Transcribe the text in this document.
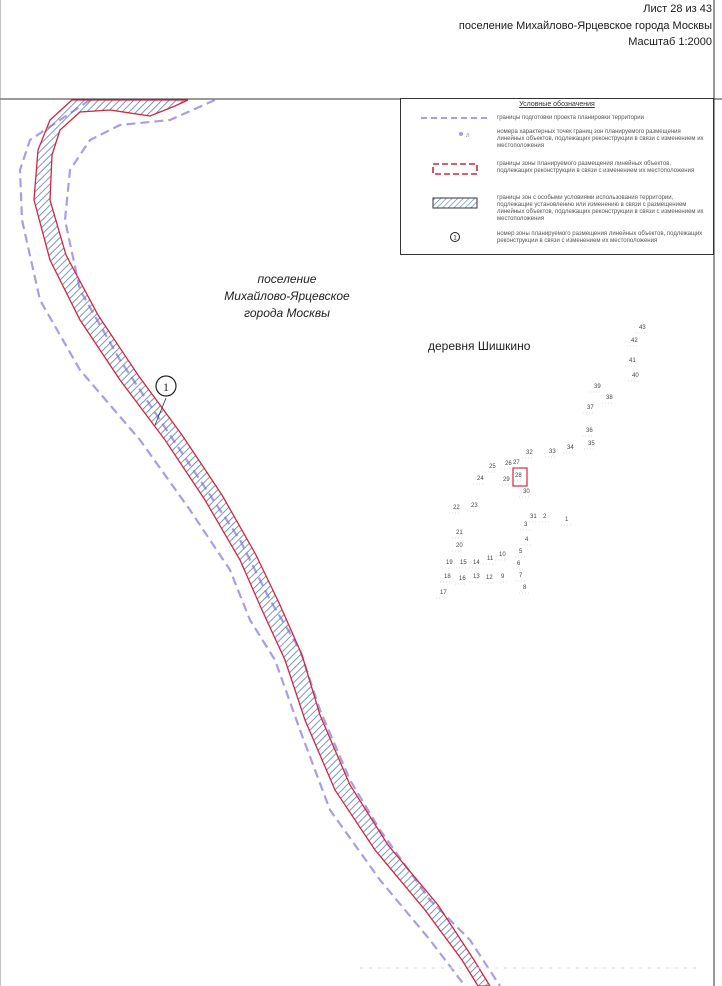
Лист 28 из 43
поселение Михайлово-Ярцевское города Москвы
Масштаб 1:2000
1
поселение
Михайлово-Ярцевское
города Москвы
деревня Шишкино
1
2
3
4
5
6
7
8
9
10
11
12
13
14
15
16
17
18
19
20
21
22 23
24
25 26 27
28
29
30
31
32	33
34
35
36
37
38
39
40
41
42
43
Условные обозначения
границы подготовки проекта планировки территории
л
номера характерных точек границ зон планируемого размещения линейных объектов, подлежащих реконструкции в связи с изменением их местоположения
границы зоны планируемого размещения линейных объектов, подлежащих реконструкции в связи с изменением их местоположения
границы зон с особыми условиями использования территории, подлежащие установлению или изменению в связи с размещением линейных объектов, подлежащих реконструкции в связи с изменением их местоположения
1
номер зоны планируемого размещения линейных объектов, подлежащих реконструкции в связи с изменением их местоположения
